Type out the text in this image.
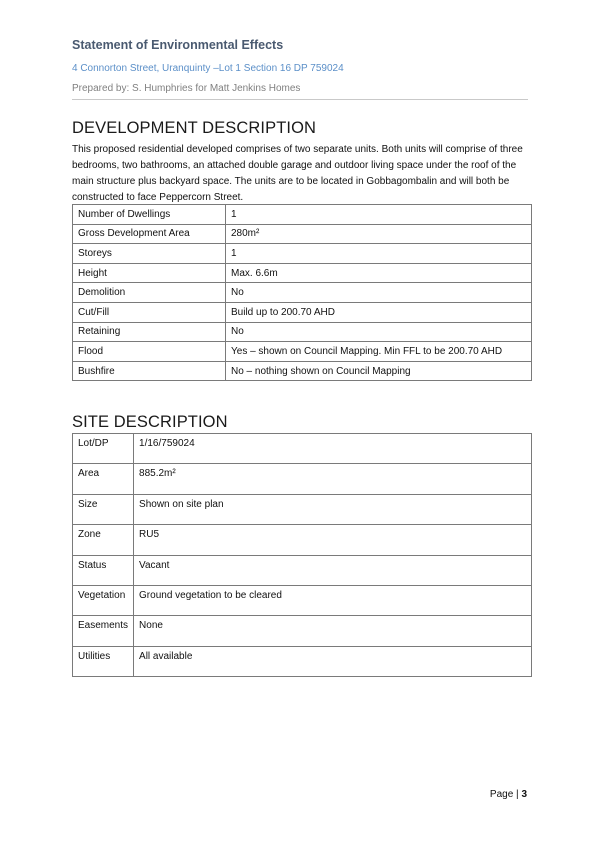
Statement of Environmental Effects
4 Connorton Street, Uranquinty –Lot 1 Section 16 DP 759024
Prepared by: S. Humphries for Matt Jenkins Homes
DEVELOPMENT DESCRIPTION
This proposed residential developed comprises of two separate units. Both units will comprise of three bedrooms, two bathrooms, an attached double garage and outdoor living space under the roof of the main structure plus backyard space. The units are to be located in Gobbagombalin and will both be constructed to face Peppercorn Street.
Number of Dwellings	1
Gross Development Area	280m²
Storeys	1
Height	Max. 6.6m
Demolition	No
Cut/Fill	Build up to 200.70 AHD
Retaining	No
Flood	Yes – shown on Council Mapping. Min FFL to be 200.70 AHD
Bushfire	No – nothing shown on Council Mapping
SITE DESCRIPTION
Lot/DP	1/16/759024
Area	885.2m²
Size	Shown on site plan
Zone	RU5
Status	Vacant
Vegetation	Ground vegetation to be cleared
Easements	None
Utilities	All available
Page | 3
